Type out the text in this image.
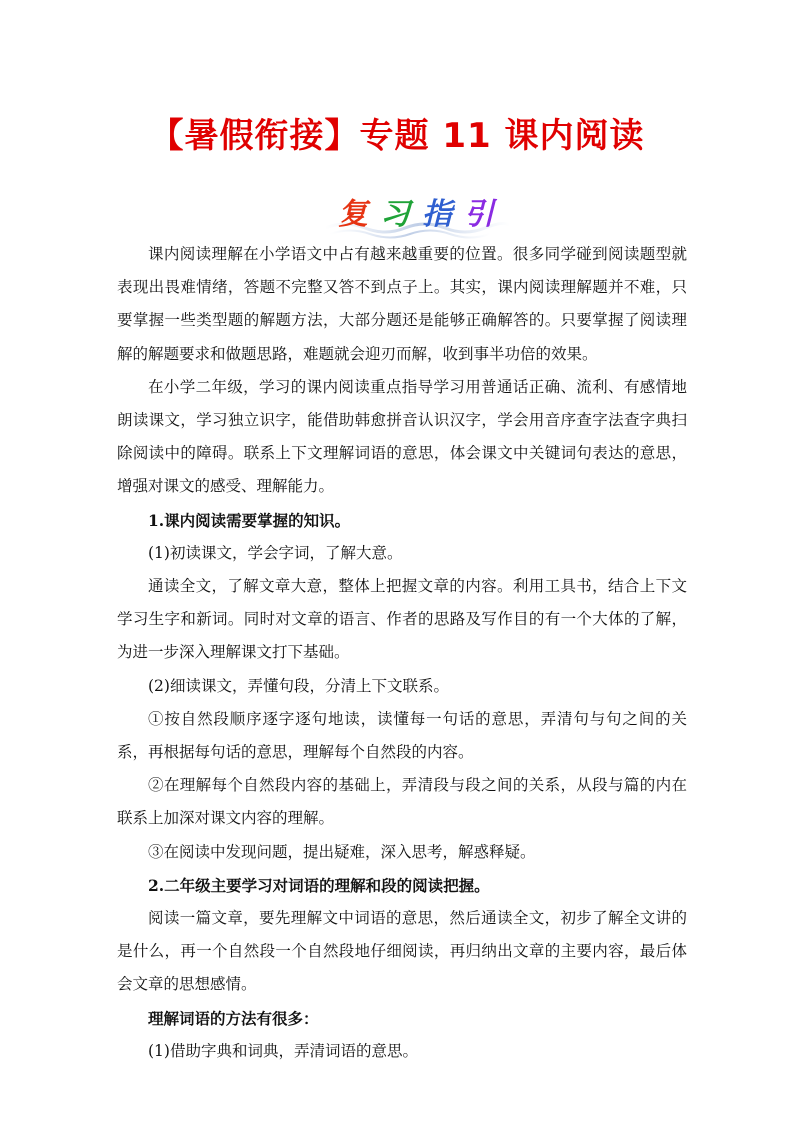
【暑假衔接】专题 11 课内阅读
复 习 指 引

课内阅读理解在小学语文中占有越来越重要的位置。很多同学碰到阅读题型就表现出畏难情绪，答题不完整又答不到点子上。其实，课内阅读理解题并不难，只要掌握一些类型题的解题方法，大部分题还是能够正确解答的。只要掌握了阅读理解的解题要求和做题思路，难题就会迎刃而解，收到事半功倍的效果。

在小学二年级，学习的课内阅读重点指导学习用普通话正确、流利、有感情地朗读课文，学习独立识字，能借助韩愈拼音认识汉字，学会用音序查字法查字典扫除阅读中的障碍。联系上下文理解词语的意思，体会课文中关键词句表达的意思，增强对课文的感受、理解能力。

1.课内阅读需要掌握的知识。

(1)初读课文，学会字词，了解大意。

通读全文，了解文章大意，整体上把握文章的内容。利用工具书，结合上下文学习生字和新词。同时对文章的语言、作者的思路及写作目的有一个大体的了解，为进一步深入理解课文打下基础。

(2)细读课文，弄懂句段，分清上下文联系。

①按自然段顺序逐字逐句地读，读懂每一句话的意思，弄清句与句之间的关系，再根据每句话的意思，理解每个自然段的内容。

②在理解每个自然段内容的基础上，弄清段与段之间的关系，从段与篇的内在联系上加深对课文内容的理解。

③在阅读中发现问题，提出疑难，深入思考，解惑释疑。

2.二年级主要学习对词语的理解和段的阅读把握。

阅读一篇文章，要先理解文中词语的意思，然后通读全文，初步了解全文讲的是什么，再一个自然段一个自然段地仔细阅读，再归纳出文章的主要内容，最后体会文章的思想感情。

理解词语的方法有很多：

(1)借助字典和词典，弄清词语的意思。
